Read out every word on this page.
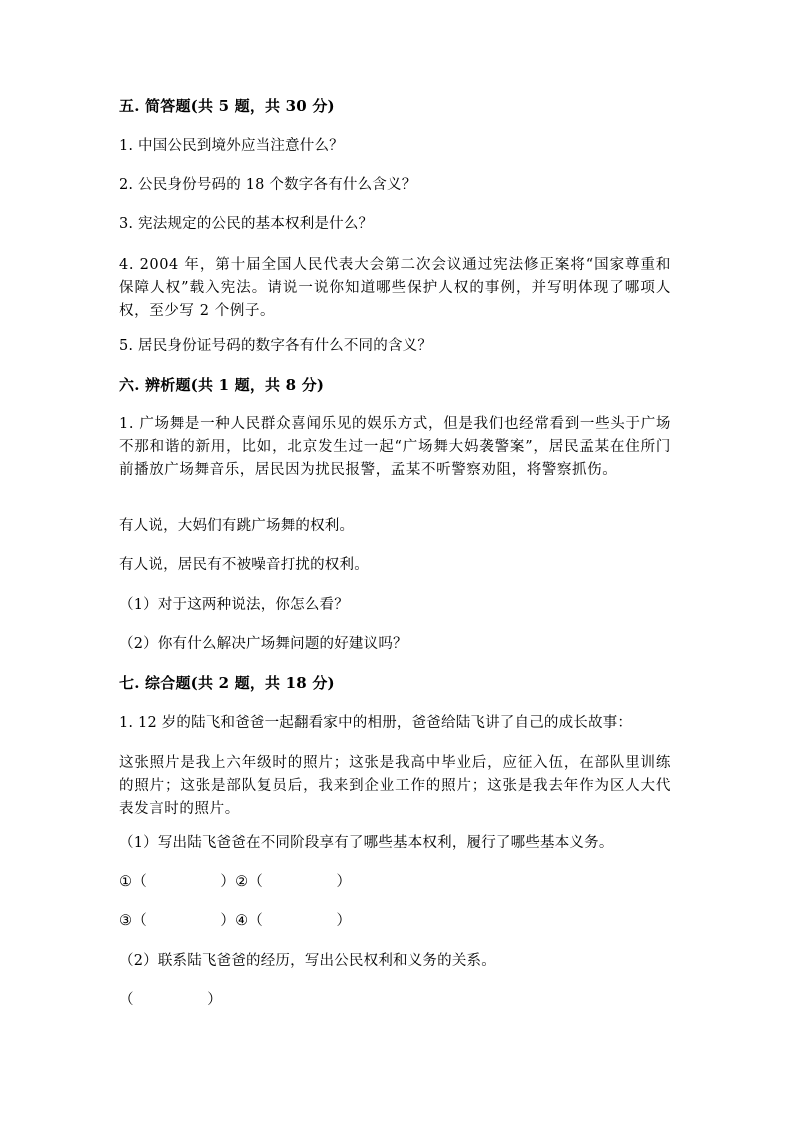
五. 简答题(共 5 题，共 30 分)
1. 中国公民到境外应当注意什么？
2. 公民身份号码的 18 个数字各有什么含义？
3. 宪法规定的公民的基本权利是什么？
4. 2004 年，第十届全国人民代表大会第二次会议通过宪法修正案将“国家尊重和保障人权”载入宪法。请说一说你知道哪些保护人权的事例，并写明体现了哪项人权，至少写 2 个例子。
5. 居民身份证号码的数字各有什么不同的含义？
六. 辨析题(共 1 题，共 8 分)
1. 广场舞是一种人民群众喜闻乐见的娱乐方式，但是我们也经常看到一些头于广场不那和谐的新用，比如，北京发生过一起“广场舞大妈袭警案”，居民孟某在住所门前播放广场舞音乐，居民因为扰民报警，孟某不听警察劝阻，将警察抓伤。
有人说，大妈们有跳广场舞的权利。
有人说，居民有不被噪音打扰的权利。
（1）对于这两种说法，你怎么看？
（2）你有什么解决广场舞问题的好建议吗？
七. 综合题(共 2 题，共 18 分)
1. 12 岁的陆飞和爸爸一起翻看家中的相册，爸爸给陆飞讲了自己的成长故事：
这张照片是我上六年级时的照片；这张是我高中毕业后，应征入伍，在部队里训练的照片；这张是部队复员后，我来到企业工作的照片；这张是我去年作为区人大代表发言时的照片。
（1）写出陆飞爸爸在不同阶段享有了哪些基本权利，履行了哪些基本义务。
①（　　　　　）②（　　　　　）
③（　　　　　）④（　　　　　）
（2）联系陆飞爸爸的经历，写出公民权利和义务的关系。
（　　　　　）
